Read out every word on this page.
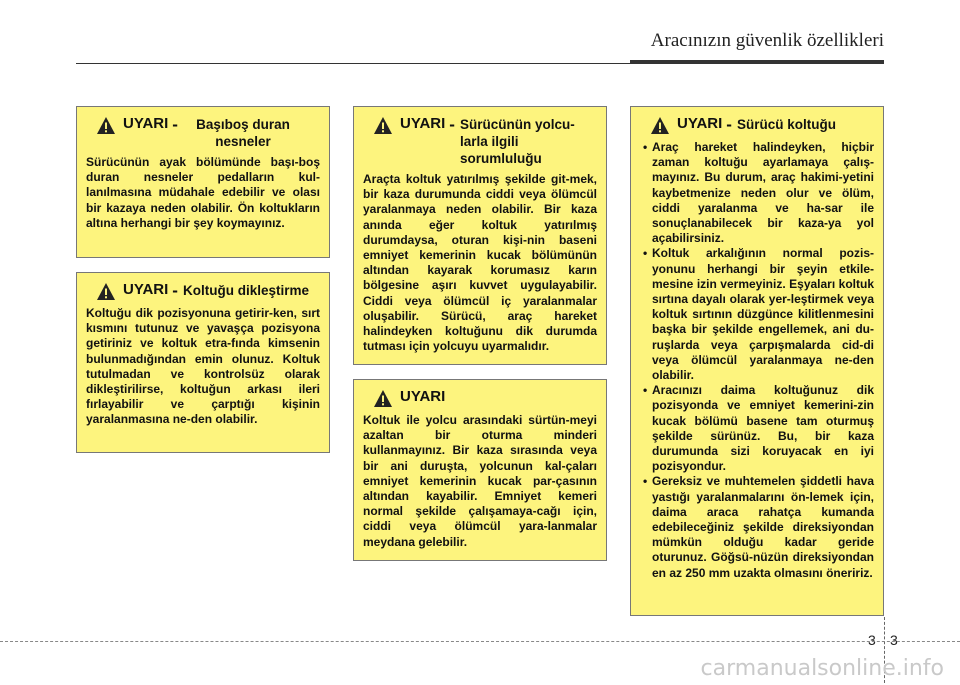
Aracınızın güvenlik özellikleri
UYARI -	Başıboş duran nesneler
Sürücünün ayak bölümünde başı-boş duran nesneler pedalların kul-lanılmasına müdahale edebilir ve olası bir kazaya neden olabilir. Ön koltukların altına herhangi bir şey koymayınız.
UYARI - Koltuğu dikleştirme
Koltuğu dik pozisyonuna getirir-ken, sırt kısmını tutunuz ve yavaşça pozisyona getiriniz ve koltuk etra-fında kimsenin bulunmadığından emin olunuz. Koltuk tutulmadan ve kontrolsüz olarak dikleştirilirse, koltuğun arkası ileri fırlayabilir ve çarptığı kişinin yaralanmasına ne-den olabilir.
UYARI - Sürücünün yolcu-larla ilgili sorumluluğu
Araçta koltuk yatırılmış şekilde git-mek, bir kaza durumunda ciddi veya ölümcül yaralanmaya neden olabilir. Bir kaza anında eğer koltuk yatırılmış durumdaysa, oturan kişi-nin baseni emniyet kemerinin kucak bölümünün altından kayarak korumasız karın bölgesine aşırı kuvvet uygulayabilir. Ciddi veya ölümcül iç yaralanmalar oluşabilir. Sürücü, araç hareket halindeyken koltuğunu dik durumda tutması için yolcuyu uyarmalıdır.
UYARI
Koltuk ile yolcu arasındaki sürtün-meyi azaltan bir oturma minderi kullanmayınız. Bir kaza sırasında veya bir ani duruşta, yolcunun kal-çaları emniyet kemerinin kucak par-çasının altından kayabilir. Emniyet kemeri normal şekilde çalışamaya-cağı için, ciddi veya ölümcül yara-lanmalar meydana gelebilir.
UYARI - Sürücü koltuğu
• Araç hareket halindeyken, hiçbir zaman koltuğu ayarlamaya çalış-mayınız. Bu durum, araç hakimi-yetini kaybetmenize neden olur ve ölüm, ciddi yaralanma ve ha-sar ile sonuçlanabilecek bir kaza-ya yol açabilirsiniz.
• Koltuk arkalığının normal pozis-yonunu herhangi bir şeyin etkile-mesine izin vermeyiniz. Eşyaları koltuk sırtına dayalı olarak yer-leştirmek veya koltuk sırtının düzgünce kilitlenmesini başka bir şekilde engellemek, ani du-ruşlarda veya çarpışmalarda cid-di veya ölümcül yaralanmaya ne-den olabilir.
• Aracınızı daima koltuğunuz dik pozisyonda ve emniyet kemerini-zin kucak bölümü basene tam oturmuş şekilde sürünüz. Bu, bir kaza durumunda sizi koruyacak en iyi pozisyondur.
• Gereksiz ve muhtemelen şiddetli hava yastığı yaralanmalarını ön-lemek için, daima araca rahatça kumanda edebileceğiniz şekilde direksiyondan mümkün olduğu kadar geride oturunuz. Göğsü-nüzün direksiyondan en az 250 mm uzakta olmasını öneririz.
3 3
carmanualsonline.info
